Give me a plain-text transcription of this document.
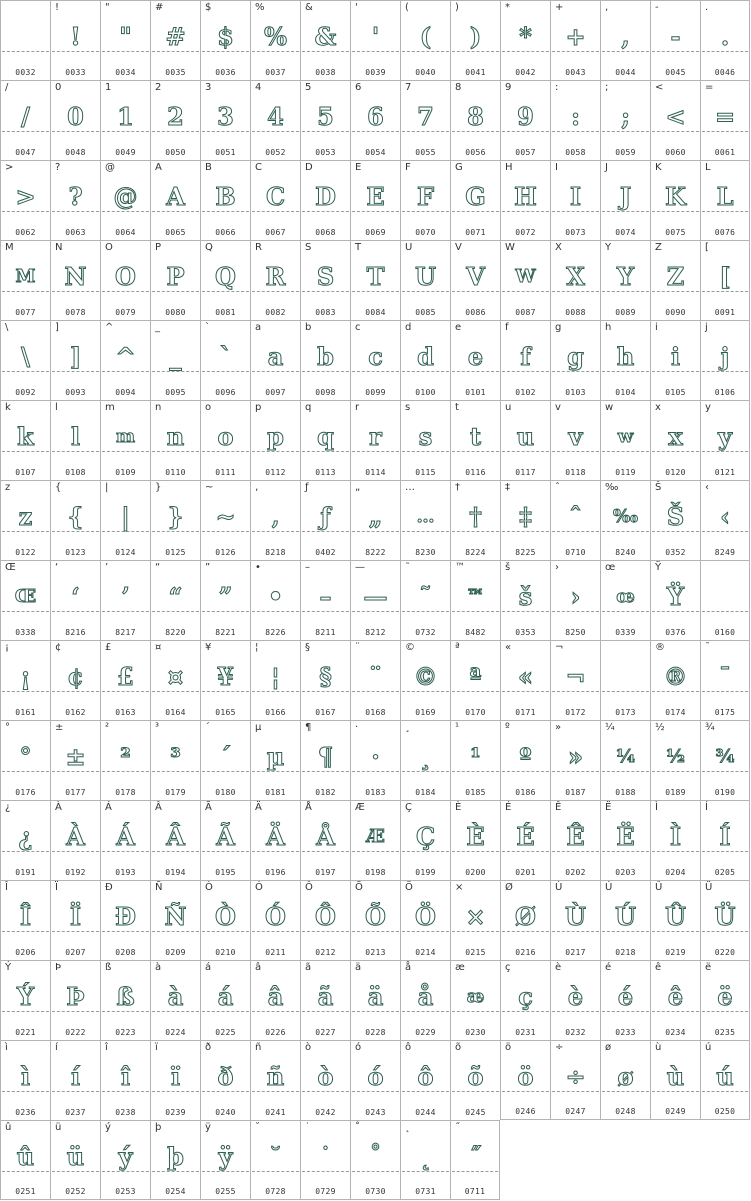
0032
!
!
0033
"
"
0034
#
#
0035
$
$
0036
%
%
0037
&
&
0038
'
'
0039
(
(
0040
)
)
0041
*
*
0042
+
+
0043
,
,
0044
-
-
0045
.
.
0046
/
/
0047
0
0
0048
1
1
0049
2
2
0050
3
3
0051
4
4
0052
5
5
0053
6
6
0054
7
7
0055
8
8
0056
9
9
0057
:
:
0058
;
;
0059
<
<
0060
=
=
0061
>
>
0062
?
?
0063
@
@
0064
A
A
0065
B
B
0066
C
C
0067
D
D
0068
E
E
0069
F
F
0070
G
G
0071
H
H
0072
I
I
0073
J
J
0074
K
K
0075
L
L
0076
M
M
0077
N
N
0078
O
O
0079
P
P
0080
Q
Q
0081
R
R
0082
S
S
0083
T
T
0084
U
U
0085
V
V
0086
W
W
0087
X
X
0088
Y
Y
0089
Z
Z
0090
[
[
0091
\
\
0092
]
]
0093
^
^
0094
_
_
0095
`
`
0096
a
a
0097
b
b
0098
c
c
0099
d
d
0100
e
e
0101
f
f
0102
g
g
0103
h
h
0104
i
i
0105
j
j
0106
k
k
0107
l
l
0108
m
m
0109
n
n
0110
o
o
0111
p
p
0112
q
q
0113
r
r
0114
s
s
0115
t
t
0116
u
u
0117
v
v
0118
w
w
0119
x
x
0120
y
y
0121
z
z
0122
{
{
0123
|
|
0124
}
}
0125
~
~
0126
‚
‚
8218
ƒ
ƒ
0402
„
„
8222
…
…
8230
†
†
8224
‡
‡
8225
ˆ
ˆ
0710
‰
‰
8240
Š
Š
0352
‹
‹
8249
Œ
Œ
0338
‘
‘
8216
’
’
8217
“
“
8220
”
”
8221
•
•
8226
–
–
8211
—
—
8212
˜
˜
0732
™
™
8482
š
š
0353
›
›
8250
œ
œ
0339
Ÿ
Ÿ
0376	0160
¡
¡
0161
¢
¢
0162
£
£
0163
¤
¤
0164
¥
¥
0165
¦
¦
0166
§
§
0167
¨
¨
0168
©
©
0169
ª
ª
0170
«
«
0171
¬
¬
0172	0173
®
®
0174
¯
¯
0175
°
°
0176
±
±
0177
²
²
0178
³
³
0179
´
´
0180
µ
µ
0181
¶
¶
0182
·
·
0183
¸
¸
0184
¹
¹
0185
º
º
0186
»
»
0187
¼
¼
0188
½
½
0189
¾
¾
0190
¿
¿
0191
À
À
0192
Á
Á
0193
Â
Â
0194
Ã
Ã
0195
Ä
Ä
0196
Å
Å
0197
Æ
Æ
0198
Ç
Ç
0199
È
È
0200
É
É
0201
Ê
Ê
0202
Ë
Ë
0203
Ì
Ì
0204
Í
Í
0205
Î
Î
0206
Ï
Ï
0207
Ð
Ð
0208
Ñ
Ñ
0209
Ò
Ò
0210
Ó
Ó
0211
Ô
Ô
0212
Õ
Õ
0213
Ö
Ö
0214
×
×
0215
Ø
Ø
0216
Ù
Ù
0217
Ú
Ú
0218
Û
Û
0219
Ü
Ü
0220
Ý
Ý
0221
Þ
Þ
0222
ß
ß
0223
à
à
0224
á
á
0225
â
â
0226
ã
ã
0227
ä
ä
0228
å
å
0229
æ
æ
0230
ç
ç
0231
è
è
0232
é
é
0233
ê
ê
0234
ë
ë
0235
ì
ì
0236
í
í
0237
î
î
0238
ï
ï
0239
ð
ð
0240
ñ
ñ
0241
ò
ò
0242
ó
ó
0243
ô
ô
0244
õ
õ
0245
ö
ö
0246
÷
÷
0247
ø
ø
0248
ù
ù
0249
ú
ú
0250
û
û
0251
ü
ü
0252
ý
ý
0253
þ
þ
0254
ÿ
ÿ
0255
˘
˘
0728
˙
˙
0729
˚
˚
0730
˛
˛
0731
˝
˝
0711
